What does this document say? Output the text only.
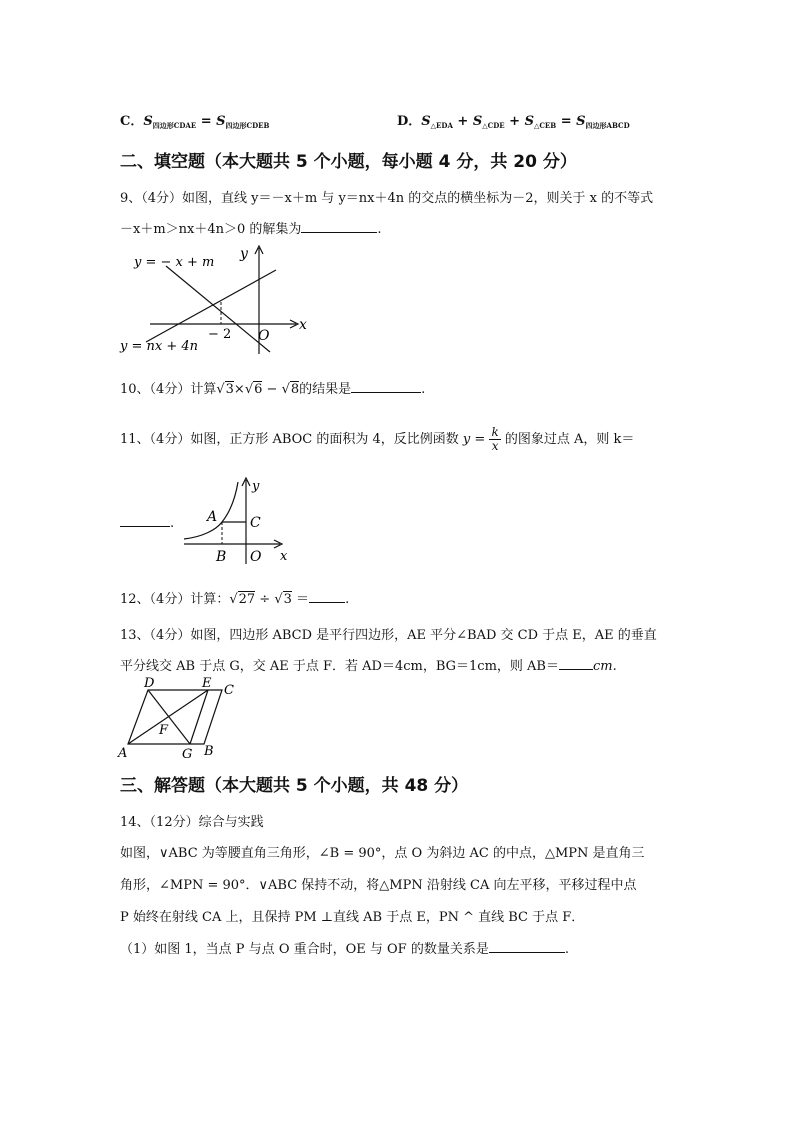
C．$S_{四边形CDAE} = S_{四边形CDEB}$	D．$S_{\triangle EDA} + S_{\triangle CDE} + S_{\triangle CEB} = S_{四边形ABCD}$
二、填空题（本大题共 5 个小题，每小题 4 分，共 20 分）
9、（4分）如图，直线 y＝－x＋m 与 y＝nx＋4n 的交点的横坐标为－2，则关于 x 的不等式
－x＋m＞nx＋4n＞0 的解集为	.
y = − x + m
y = nx + 4n
y
x
− 2 O
10、（4分）计算√3×√6 − √8的结果是	.
11、（4分）如图，正方形 ABOC 的面积为 4，反比例函数 $y = \frac{k}{x}$ 的图象过点 A，则 k＝
A C
B O
y
x
.
12、（4分）计算：√27 ÷ √3 ＝	.
13、（4分）如图，四边形 ABCD 是平行四边形，AE 平分∠BAD 交 CD 于点 E，AE 的垂直
平分线交 AB 于点 G，交 AE 于点 F．若 AD＝4cm，BG＝1cm，则 AB＝	cm.
D	E C
A	G B
F
三、解答题（本大题共 5 个小题，共 48 分）
14、（12分）综合与实践
如图，∨ABC 为等腰直角三角形，∠B = 90°，点 O 为斜边 AC 的中点，△MPN 是直角三
角形，∠MPN = 90°．∨ABC 保持不动，将△MPN 沿射线 CA 向左平移，平移过程中点
P 始终在射线 CA 上，且保持 PM ⊥直线 AB 于点 E，PN ^ 直线 BC 于点 F．
（1）如图 1，当点 P 与点 O 重合时，OE 与 OF 的数量关系是	.
